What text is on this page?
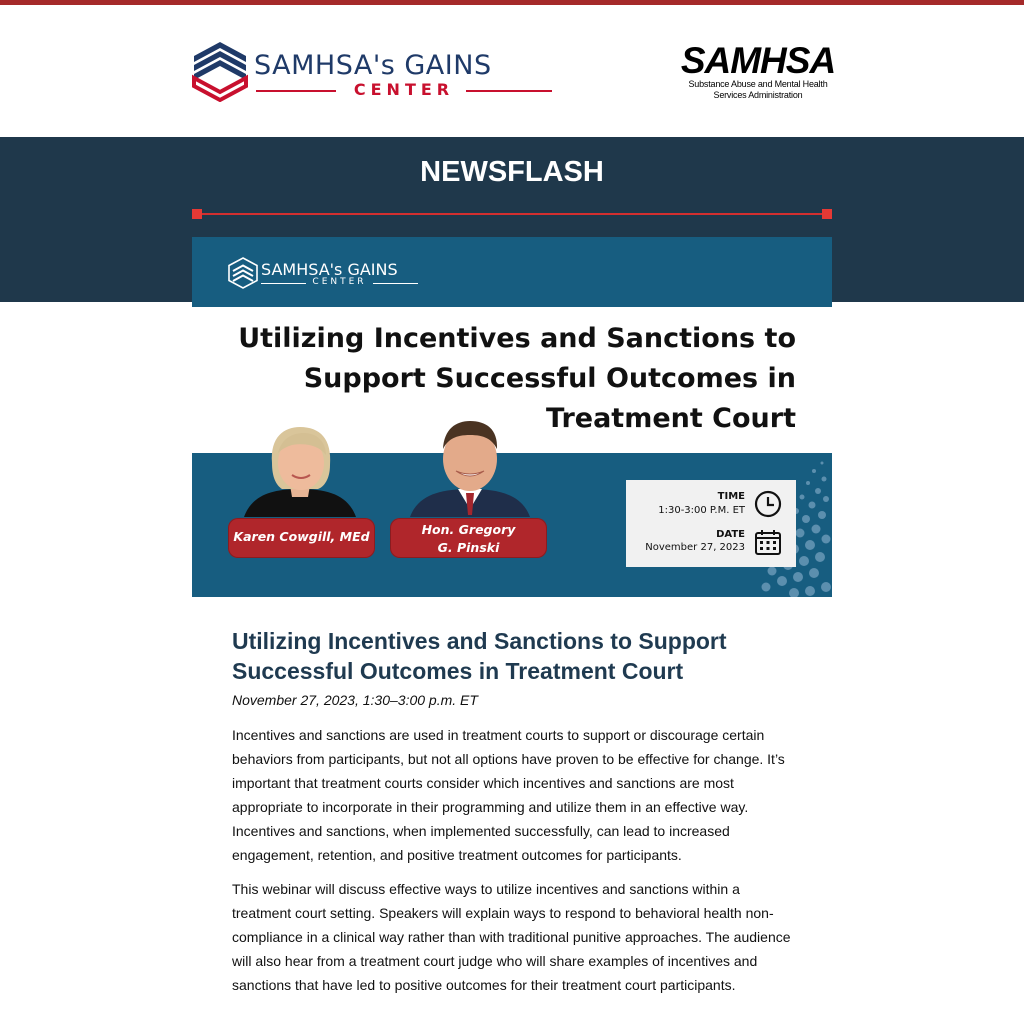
SAMHSA's GAINS
CENTER
SAMHSA
Substance Abuse and Mental Health
Services Administration
NEWSFLASH
SAMHSA's GAINS
CENTER
Utilizing Incentives and Sanctions to
Support Successful Outcomes in
Treatment Court
Karen Cowgill, MEd	Hon. Gregory
G. Pinski
TIME
1:30-3:00 P.M. ET
DATE
November 27, 2023
Utilizing Incentives and Sanctions to Support Successful Outcomes in Treatment Court
November 27, 2023, 1:30–3:00 p.m. ET

Incentives and sanctions are used in treatment courts to support or discourage certain behaviors from participants, but not all options have proven to be effective for change. It’s important that treatment courts consider which incentives and sanctions are most appropriate to incorporate in their programming and utilize them in an effective way. Incentives and sanctions, when implemented successfully, can lead to increased engagement, retention, and positive treatment outcomes for participants.

This webinar will discuss effective ways to utilize incentives and sanctions within a treatment court setting. Speakers will explain ways to respond to behavioral health non-compliance in a clinical way rather than with traditional punitive approaches. The audience will also hear from a treatment court judge who will share examples of incentives and sanctions that have led to positive outcomes for their treatment court participants.
